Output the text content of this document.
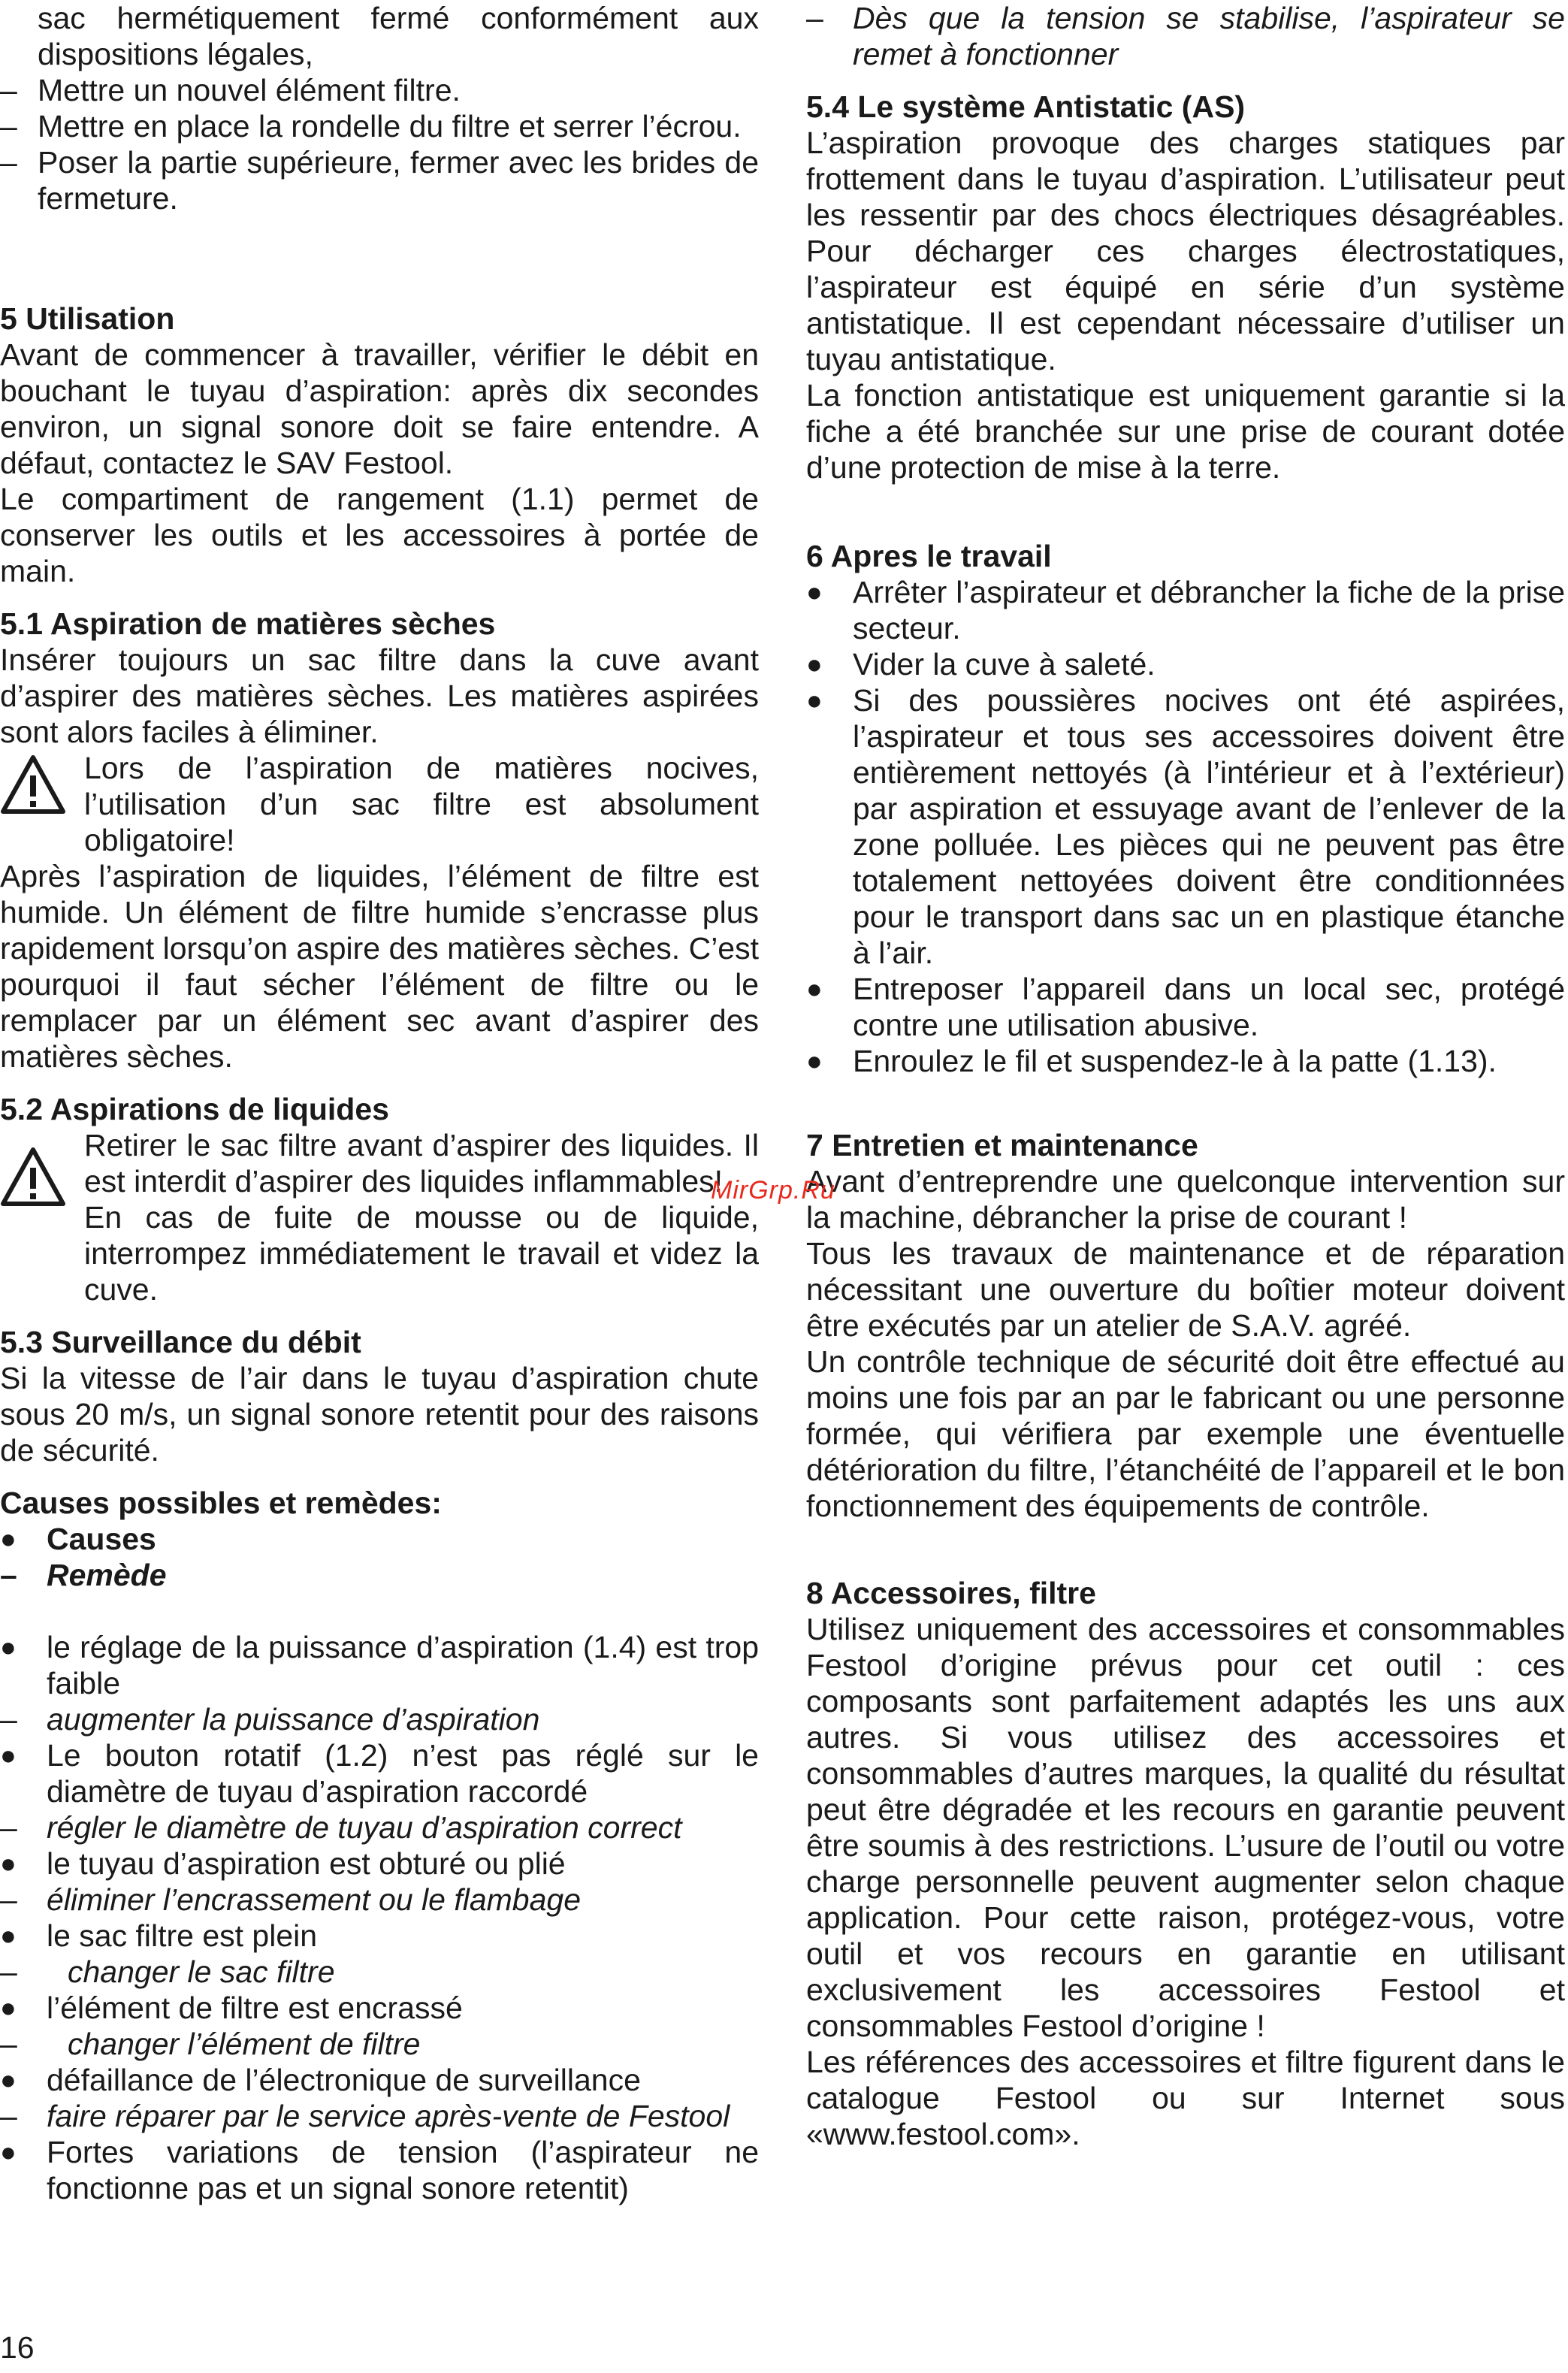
sac hermétiquement fermé conformément aux dispositions légales,

– Mettre un nouvel élément filtre.

– Mettre en place la rondelle du filtre et serrer l’écrou.

– Poser la partie supérieure, fermer avec les brides de fermeture.

5 Utilisation

Avant de commencer à travailler, vérifier le débit en bouchant le tuyau d’aspiration: après dix secondes environ, un signal sonore doit se faire entendre. A défaut, contactez le SAV Festool.

Le compartiment de rangement (1.1) permet de conserver les outils et les accessoires à portée de main.

5.1 Aspiration de matières sèches

Insérer toujours un sac filtre dans la cuve avant d’aspirer des matières sèches. Les matières aspirées sont alors faciles à éliminer.

Lors de l’aspiration de matières nocives, l’utilisation d’un sac filtre est absolument obligatoire!

Après l’aspiration de liquides, l’élément de filtre est humide. Un élément de filtre humide s’encrasse plus rapidement lorsqu’on aspire des matières sèches. C’est pourquoi il faut sécher l’élément de filtre ou le remplacer par un élément sec avant d’aspirer des matières sèches.

5.2 Aspirations de liquides

Retirer le sac filtre avant d’aspirer des liquides. Il est interdit d’aspirer des liquides inflammables!

En cas de fuite de mousse ou de liquide, interrompez immédiatement le travail et videz la cuve.

5.3 Surveillance du débit

Si la vitesse de l’air dans le tuyau d’aspiration chute sous 20 m/s, un signal sonore retentit pour des raisons de sécurité.

Causes possibles et remèdes:

● Causes

– Remède

● le réglage de la puissance d’aspiration (1.4) est trop faible

– augmenter la puissance d’aspiration

● Le bouton rotatif (1.2) n’est pas réglé sur le diamètre de tuyau d’aspiration raccordé

– régler le diamètre de tuyau d’aspiration correct

● le tuyau d’aspiration est obturé ou plié

– éliminer l’encrassement ou le flambage

● le sac filtre est plein

– changer le sac filtre

● l’élément de filtre est encrassé

– changer l’élément de filtre

● défaillance de l’électronique de surveillance

– faire réparer par le service après-vente de Festool

● Fortes variations de tension (l’aspirateur ne fonctionne pas et un signal sonore retentit)

– Dès que la tension se stabilise, l’aspirateur se remet à fonctionner

5.4 Le système Antistatic (AS)

L’aspiration provoque des charges statiques par frottement dans le tuyau d’aspiration. L’utilisateur peut les ressentir par des chocs électriques désagréables. Pour décharger ces charges électrostatiques, l’aspirateur est équipé en série d’un système antistatique. Il est cependant nécessaire d’utiliser un tuyau antistatique.

La fonction antistatique est uniquement garantie si la fiche a été branchée sur une prise de courant dotée d’une protection de mise à la terre.

6 Apres le travail

● Arrêter l’aspirateur et débrancher la fiche de la prise secteur.

● Vider la cuve à saleté.

● Si des poussières nocives ont été aspirées, l’aspirateur et tous ses accessoires doivent être entièrement nettoyés (à l’intérieur et à l’extérieur) par aspiration et essuyage avant de l’enlever de la zone polluée. Les pièces qui ne peuvent pas être totalement nettoyées doivent être conditionnées pour le transport dans sac un en plastique étanche à l’air.

● Entreposer l’appareil dans un local sec, protégé contre une utilisation abusive.

● Enroulez le fil et suspendez-le à la patte (1.13).

7 Entretien et maintenance

Avant d’entreprendre une quelconque intervention sur la machine, débrancher la prise de courant !

Tous les travaux de maintenance et de réparation nécessitant une ouverture du boîtier moteur doivent être exécutés par un atelier de S.A.V. agréé.

Un contrôle technique de sécurité doit être effectué au moins une fois par an par le fabricant ou une personne formée, qui vérifiera par exemple une éventuelle détérioration du filtre, l’étanchéité de l’appareil et le bon fonctionnement des équipements de contrôle.

8 Accessoires, filtre

Utilisez uniquement des accessoires et consommables Festool d’origine prévus pour cet outil : ces composants sont parfaitement adaptés les uns aux autres. Si vous utilisez des accessoires et consommables d’autres marques, la qualité du résultat peut être dégradée et les recours en garantie peuvent être soumis à des restrictions. L’usure de l’outil ou votre charge personnelle peuvent augmenter selon chaque application. Pour cette raison, protégez-vous, votre outil et vos recours en garantie en utilisant exclusivement les accessoires Festool et consommables Festool d’origine !

Les références des accessoires et filtre figurent dans le catalogue Festool ou sur Internet sous «www.festool.com».

MirGrp.Ru
16
